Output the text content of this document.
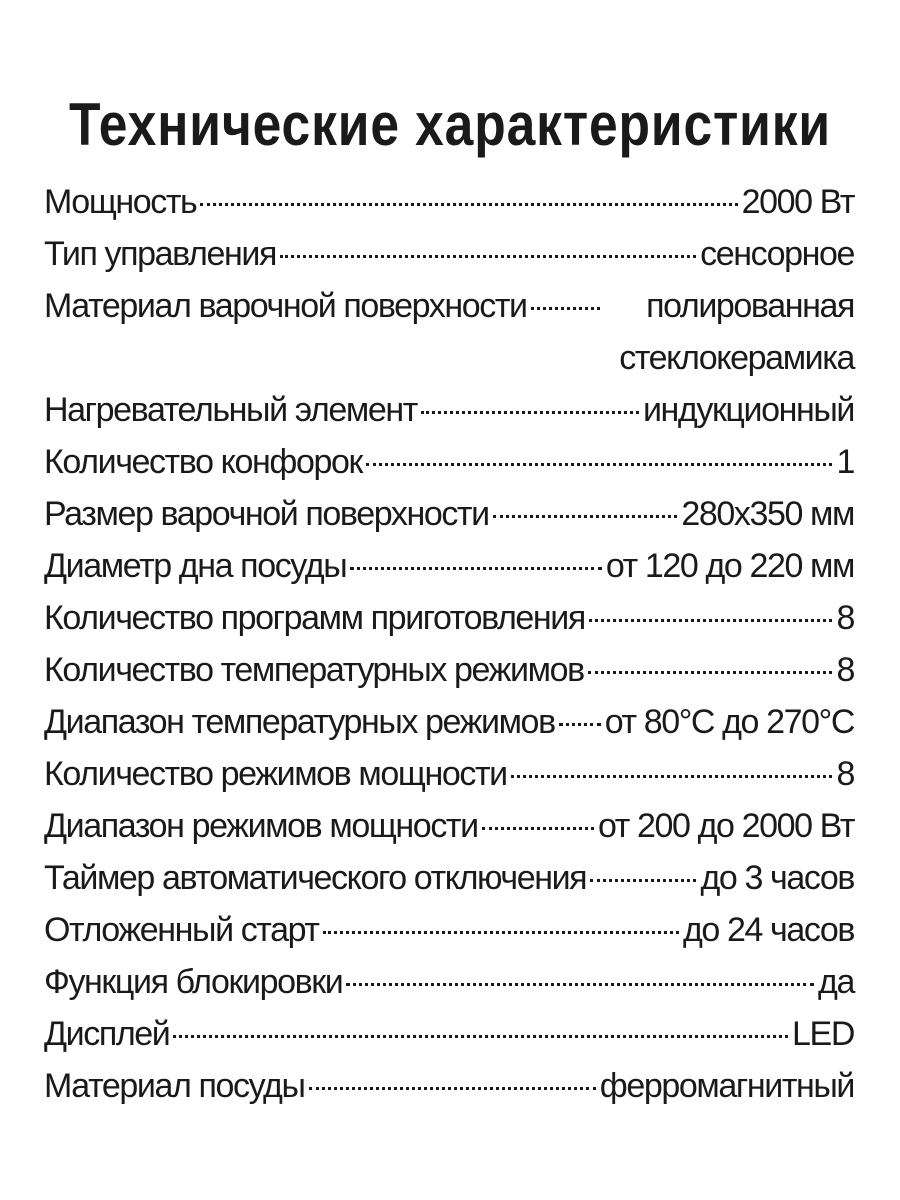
Технические характеристики
Мощность	2000 Вт
Тип управления	сенсорное
Материал варочной поверхности	полированная стеклокерамика
Нагревательный элемент	индукционный
Количество конфорок	1
Размер варочной поверхности	280х350 мм
Диаметр дна посуды	от 120 до 220 мм
Количество программ приготовления	8
Количество температурных режимов	8
Диапазон температурных режимов от 80°С до 270°С
Количество режимов мощности	8
Диапазон режимов мощности	от 200 до 2000 Вт
Таймер автоматического отключения	до 3 часов
Отложенный старт	до 24 часов
Функция блокировки	да
Дисплей	LED
Материал посуды	ферромагнитный
